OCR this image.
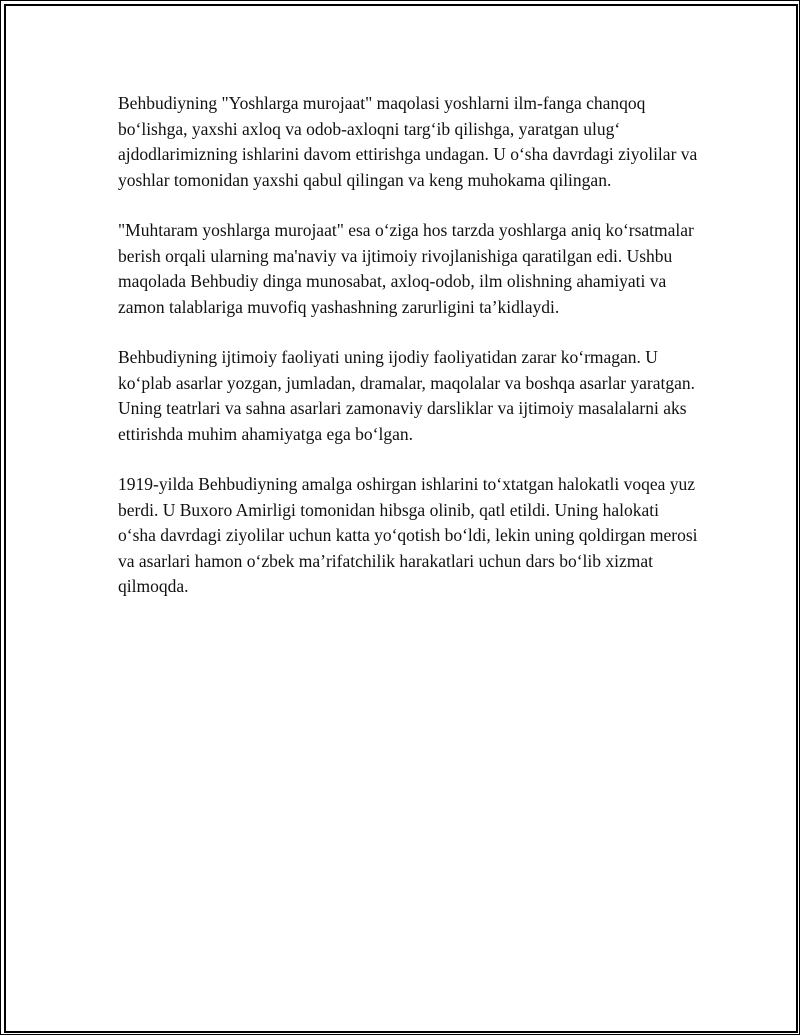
Behbudiyning "Yoshlarga murojaat" maqolasi yoshlarni ilm-fanga chanqoq bo‘lishga, yaxshi axloq va odob-axloqni targ‘ib qilishga, yaratgan ulug‘ ajdodlarimizning ishlarini davom ettirishga undagan. U o‘sha davrdagi ziyolilar va yoshlar tomonidan yaxshi qabul qilingan va keng muhokama qilingan.

"Muhtaram yoshlarga murojaat" esa o‘ziga hos tarzda yoshlarga aniq ko‘rsatmalar berish orqali ularning ma'naviy va ijtimoiy rivojlanishiga qaratilgan edi. Ushbu maqolada Behbudiy dinga munosabat, axloq-odob, ilm olishning ahamiyati va zamon talablariga muvofiq yashashning zarurligini ta’kidlaydi.

Behbudiyning ijtimoiy faoliyati uning ijodiy faoliyatidan zarar ko‘rmagan. U ko‘plab asarlar yozgan, jumladan, dramalar, maqolalar va boshqa asarlar yaratgan. Uning teatrlari va sahna asarlari zamonaviy darsliklar va ijtimoiy masalalarni aks ettirishda muhim ahamiyatga ega bo‘lgan.

1919-yilda Behbudiyning amalga oshirgan ishlarini to‘xtatgan halokatli voqea yuz berdi. U Buxoro Amirligi tomonidan hibsga olinib, qatl etildi. Uning halokati o‘sha davrdagi ziyolilar uchun katta yo‘qotish bo‘ldi, lekin uning qoldirgan merosi va asarlari hamon o‘zbek ma’rifatchilik harakatlari uchun dars bo‘lib xizmat qilmoqda.
